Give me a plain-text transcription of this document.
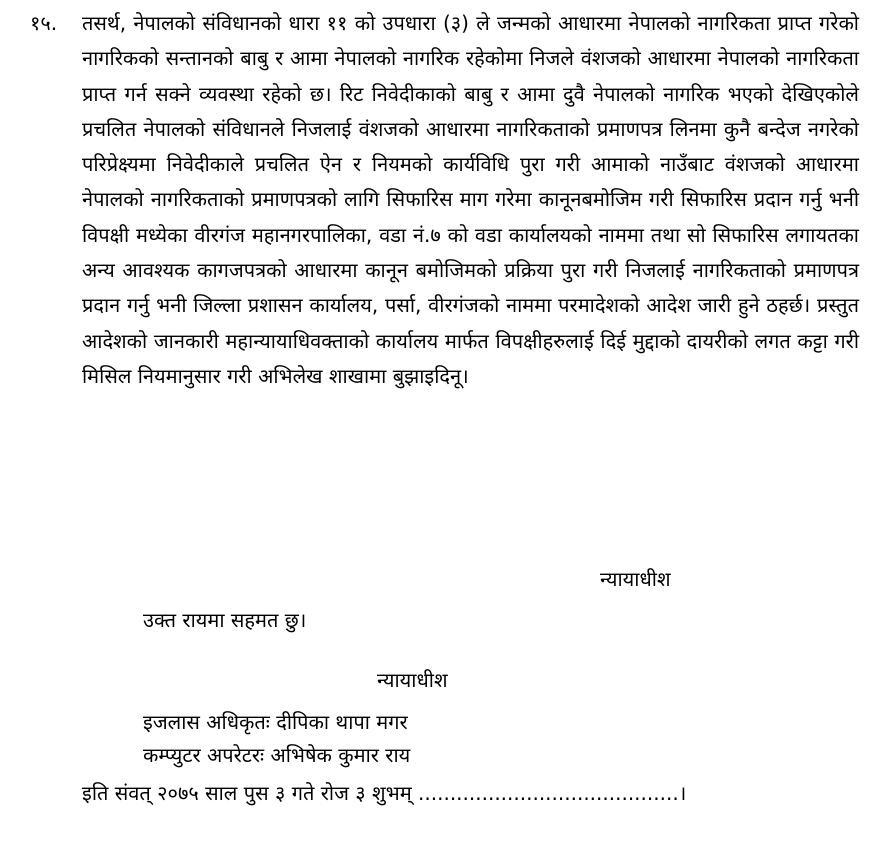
१५. तसर्थ, नेपालको संविधानको धारा ११ को उपधारा (३) ले जन्मको आधारमा नेपालको नागरिकता प्राप्त गरेको नागरिकको सन्तानको बाबु र आमा नेपालको नागरिक रहेकोमा निजले वंशजको आधारमा नेपालको नागरिकता प्राप्त गर्न सक्ने व्यवस्था रहेको छ। रिट निवेदीकाको बाबु र आमा दुवै नेपालको नागरिक भएको देखिएकोले प्रचलित नेपालको संविधानले निजलाई वंशजको आधारमा नागरिकताको प्रमाणपत्र लिनमा कुनै बन्देज नगरेको परिप्रेक्ष्यमा निवेदीकाले प्रचलित ऐन र नियमको कार्यविधि पुरा गरी आमाको नाउँबाट वंशजको आधारमा नेपालको नागरिकताको प्रमाणपत्रको लागि सिफारिस माग गरेमा कानूनबमोजिम गरी सिफारिस प्रदान गर्नु भनी विपक्षी मध्येका वीरगंज महानगरपालिका, वडा नं.७ को वडा कार्यालयको नाममा तथा सो सिफारिस लगायतका अन्य आवश्यक कागजपत्रको आधारमा कानून बमोजिमको प्रक्रिया पुरा गरी निजलाई नागरिकताको प्रमाणपत्र प्रदान गर्नु भनी जिल्ला प्रशासन कार्यालय, पर्सा, वीरगंजको नाममा परमादेशको आदेश जारी हुने ठहर्छ। प्रस्तुत आदेशको जानकारी महान्यायाधिवक्ताको कार्यालय मार्फत विपक्षीहरुलाई दिई मुद्दाको दायरीको लगत कट्टा गरी मिसिल नियमानुसार गरी अभिलेख शाखामा बुझाइदिनू।
न्यायाधीश
उक्त रायमा सहमत छु।
न्यायाधीश
इजलास अधिकृतः दीपिका थापा मगर
कम्प्युटर अपरेटरः अभिषेक कुमार राय
इति संवत् २०७५ साल पुस ३ गते रोज ३ शुभम् .........................................।
